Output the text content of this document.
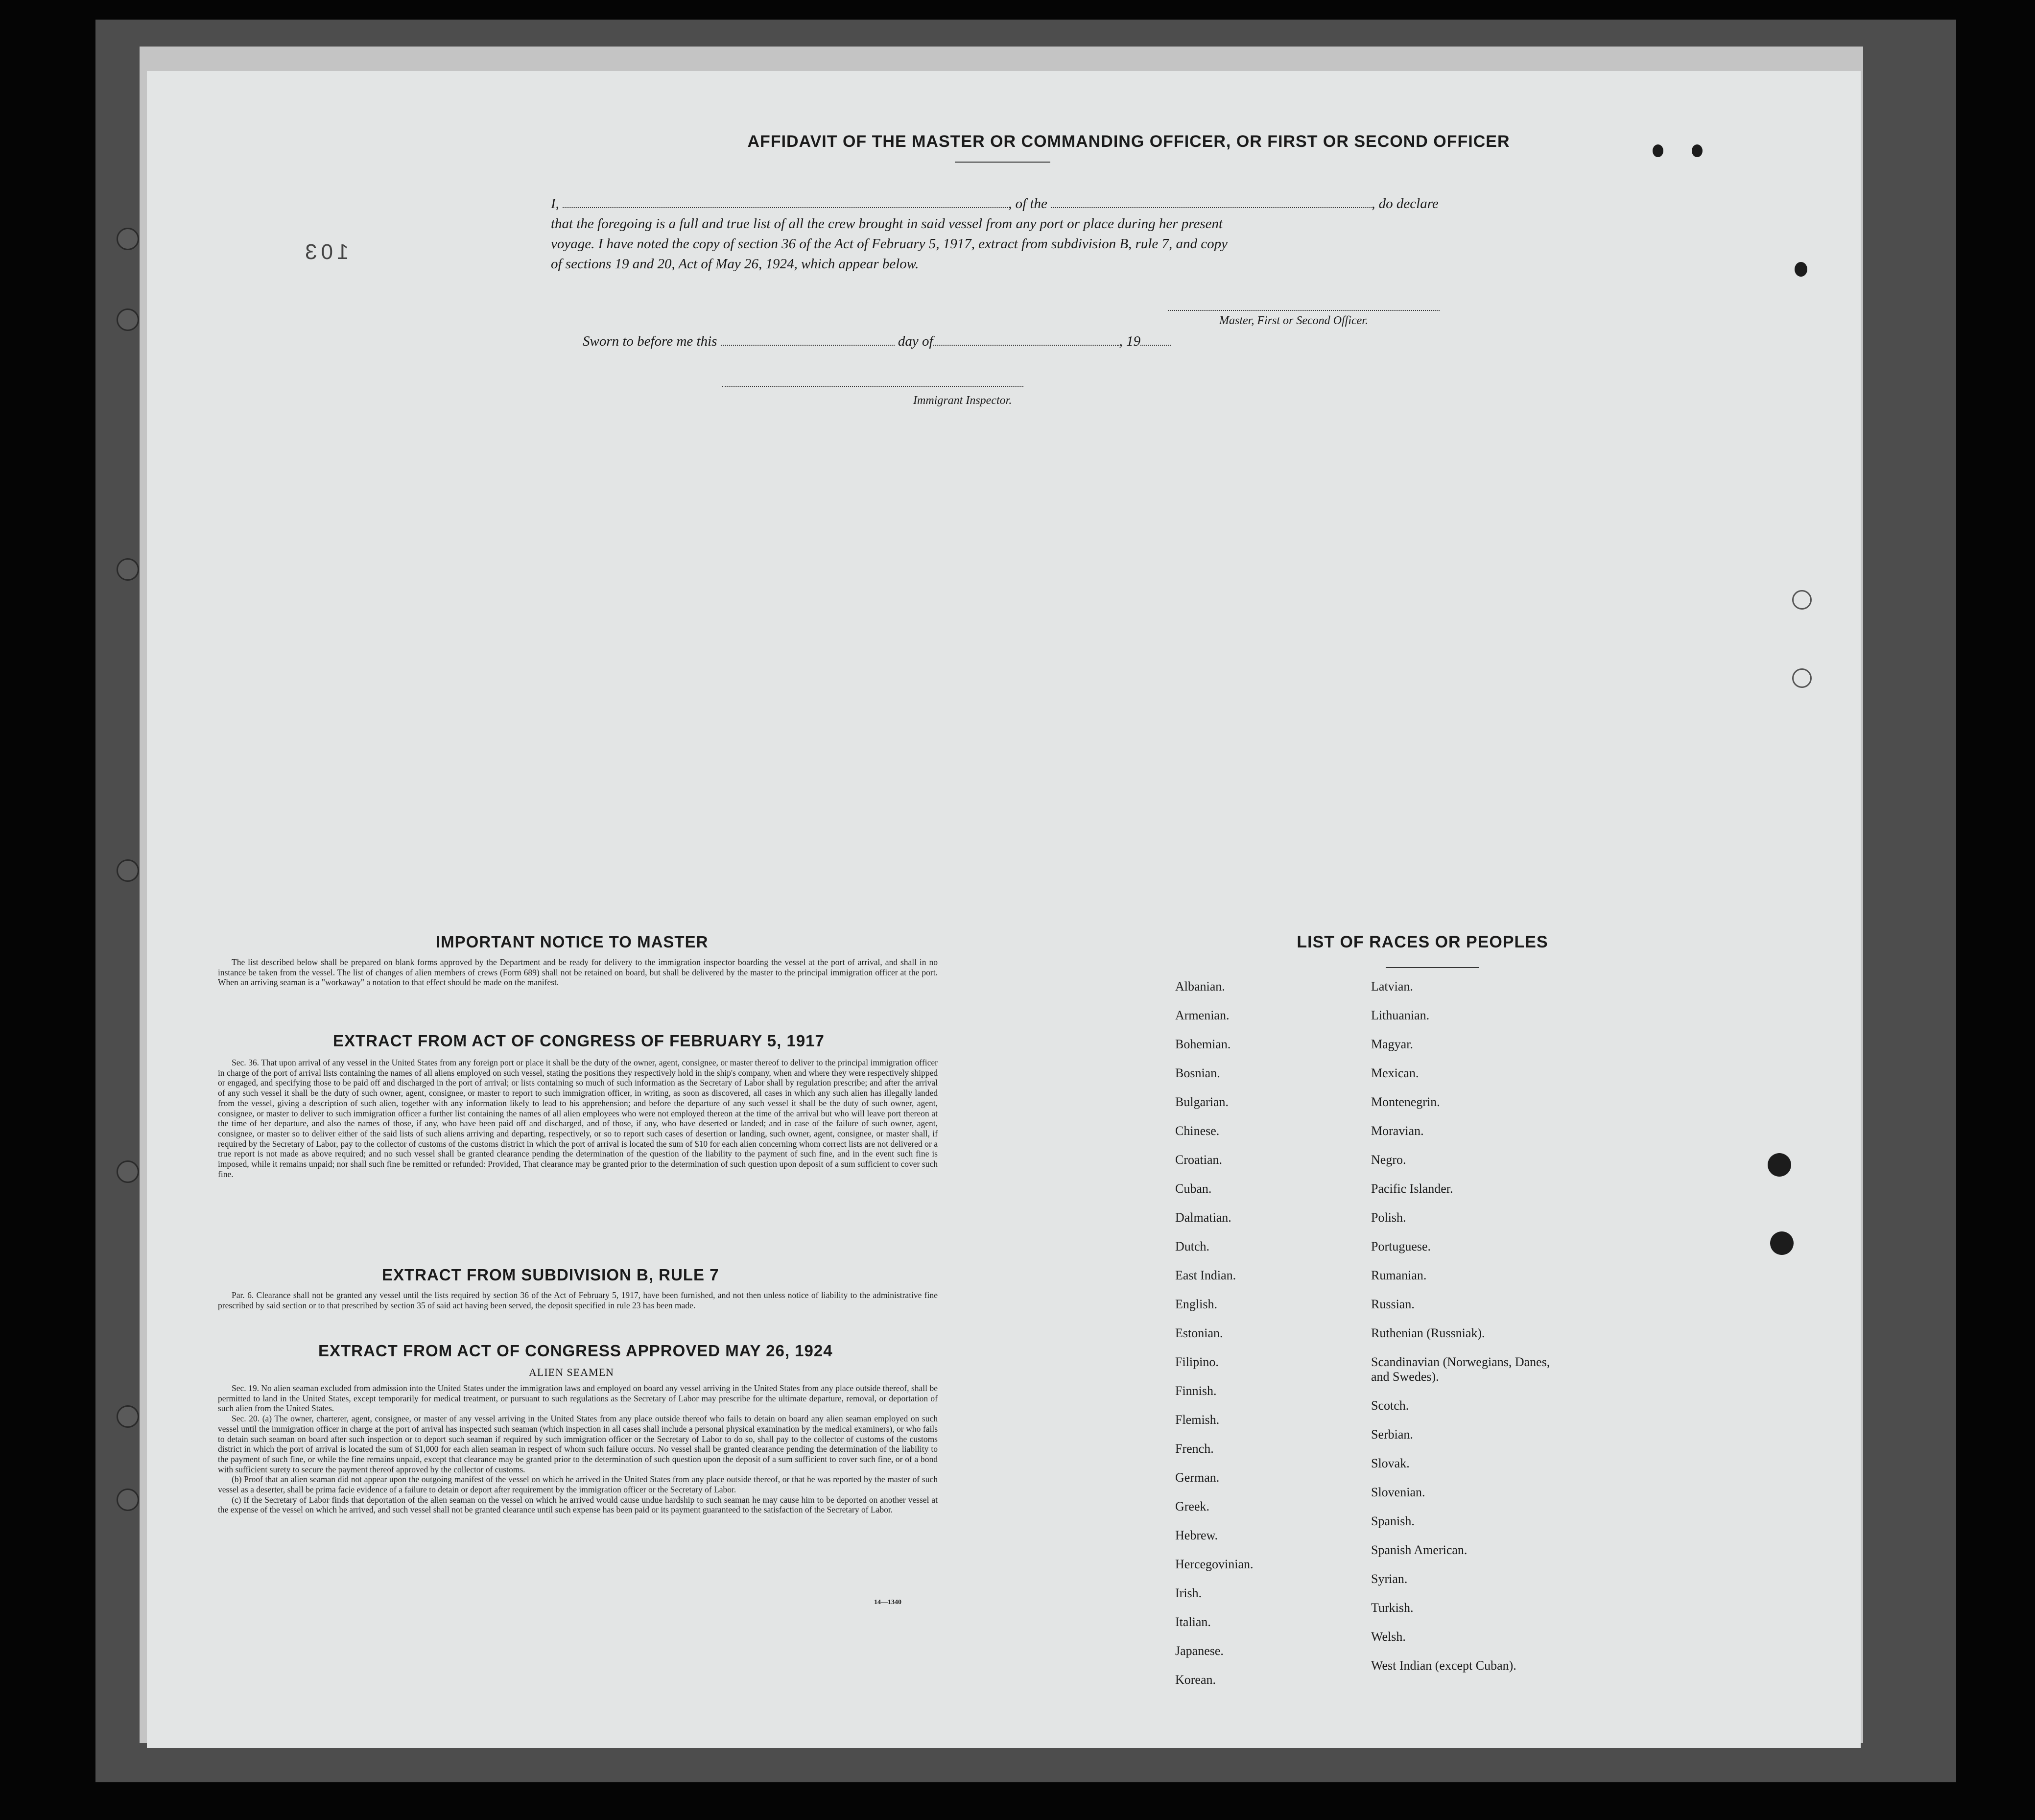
103
AFFIDAVIT OF THE MASTER OR COMMANDING OFFICER, OR FIRST OR SECOND OFFICER
I,	, of the	, do declare
that the foregoing is a full and true list of all the crew brought in said vessel from any port or place during her present
voyage. I have noted the copy of section 36 of the Act of February 5, 1917, extract from subdivision B, rule 7, and copy
of sections 19 and 20, Act of May 26, 1924, which appear below.
Master, First or Second Officer.
Sworn to before me this	day of	, 19
Immigrant Inspector.
IMPORTANT NOTICE TO MASTER

The list described below shall be prepared on blank forms approved by the Department and be ready for delivery to the immigration inspector boarding the vessel at the port of arrival, and shall in no instance be taken from the vessel. The list of changes of alien members of crews (Form 689) shall not be retained on board, but shall be delivered by the master to the principal immigration officer at the port. When an arriving seaman is a "workaway" a notation to that effect should be made on the manifest.

EXTRACT FROM ACT OF CONGRESS OF FEBRUARY 5, 1917

Sec. 36. That upon arrival of any vessel in the United States from any foreign port or place it shall be the duty of the owner, agent, consignee, or master thereof to deliver to the principal immigration officer in charge of the port of arrival lists containing the names of all aliens employed on such vessel, stating the positions they respectively hold in the ship's company, when and where they were respectively shipped or engaged, and specifying those to be paid off and discharged in the port of arrival; or lists containing so much of such information as the Secretary of Labor shall by regulation prescribe; and after the arrival of any such vessel it shall be the duty of such owner, agent, consignee, or master to report to such immigration officer, in writing, as soon as discovered, all cases in which any such alien has illegally landed from the vessel, giving a description of such alien, together with any information likely to lead to his apprehension; and before the departure of any such vessel it shall be the duty of such owner, agent, consignee, or master to deliver to such immigration officer a further list containing the names of all alien employees who were not employed thereon at the time of the arrival but who will leave port thereon at the time of her departure, and also the names of those, if any, who have been paid off and discharged, and of those, if any, who have deserted or landed; and in case of the failure of such owner, agent, consignee, or master so to deliver either of the said lists of such aliens arriving and departing, respectively, or so to report such cases of desertion or landing, such owner, agent, consignee, or master shall, if required by the Secretary of Labor, pay to the collector of customs of the customs district in which the port of arrival is located the sum of $10 for each alien concerning whom correct lists are not delivered or a true report is not made as above required; and no such vessel shall be granted clearance pending the determination of the question of the liability to the payment of such fine, and in the event such fine is imposed, while it remains unpaid; nor shall such fine be remitted or refunded: Provided, That clearance may be granted prior to the determination of such question upon deposit of a sum sufficient to cover such fine.

EXTRACT FROM SUBDIVISION B, RULE 7

Par. 6. Clearance shall not be granted any vessel until the lists required by section 36 of the Act of February 5, 1917, have been furnished, and not then unless notice of liability to the administrative fine prescribed by said section or to that prescribed by section 35 of said act having been served, the deposit specified in rule 23 has been made.

EXTRACT FROM ACT OF CONGRESS APPROVED MAY 26, 1924
ALIEN SEAMEN

Sec. 19. No alien seaman excluded from admission into the United States under the immigration laws and employed on board any vessel arriving in the United States from any place outside thereof, shall be permitted to land in the United States, except temporarily for medical treatment, or pursuant to such regulations as the Secretary of Labor may prescribe for the ultimate departure, removal, or deportation of such alien from the United States.

Sec. 20. (a) The owner, charterer, agent, consignee, or master of any vessel arriving in the United States from any place outside thereof who fails to detain on board any alien seaman employed on such vessel until the immigration officer in charge at the port of arrival has inspected such seaman (which inspection in all cases shall include a personal physical examination by the medical examiners), or who fails to detain such seaman on board after such inspection or to deport such seaman if required by such immigration officer or the Secretary of Labor to do so, shall pay to the collector of customs of the customs district in which the port of arrival is located the sum of $1,000 for each alien seaman in respect of whom such failure occurs. No vessel shall be granted clearance pending the determination of the liability to the payment of such fine, or while the fine remains unpaid, except that clearance may be granted prior to the determination of such question upon the deposit of a sum sufficient to cover such fine, or of a bond with sufficient surety to secure the payment thereof approved by the collector of customs.

(b) Proof that an alien seaman did not appear upon the outgoing manifest of the vessel on which he arrived in the United States from any place outside thereof, or that he was reported by the master of such vessel as a deserter, shall be prima facie evidence of a failure to detain or deport after requirement by the immigration officer or the Secretary of Labor.

(c) If the Secretary of Labor finds that deportation of the alien seaman on the vessel on which he arrived would cause undue hardship to such seaman he may cause him to be deported on another vessel at the expense of the vessel on which he arrived, and such vessel shall not be granted clearance until such expense has been paid or its payment guaranteed to the satisfaction of the Secretary of Labor.

14—1340
LIST OF RACES OR PEOPLES
Albanian.
Armenian.
Bohemian.
Bosnian.
Bulgarian.
Chinese.
Croatian.
Cuban.
Dalmatian.
Dutch.
East Indian.
English.
Estonian.
Filipino.
Finnish.
Flemish.
French.
German.
Greek.
Hebrew.
Hercegovinian.
Irish.
Italian.
Japanese.
Korean.
Latvian.
Lithuanian.
Magyar.
Mexican.
Montenegrin.
Moravian.
Negro.
Pacific Islander.
Polish.
Portuguese.
Rumanian.
Russian.
Ruthenian (Russniak).
Scandinavian (Norwegians, Danes, and Swedes).
Scotch.
Serbian.
Slovak.
Slovenian.
Spanish.
Spanish American.
Syrian.
Turkish.
Welsh.
West Indian (except Cuban).
